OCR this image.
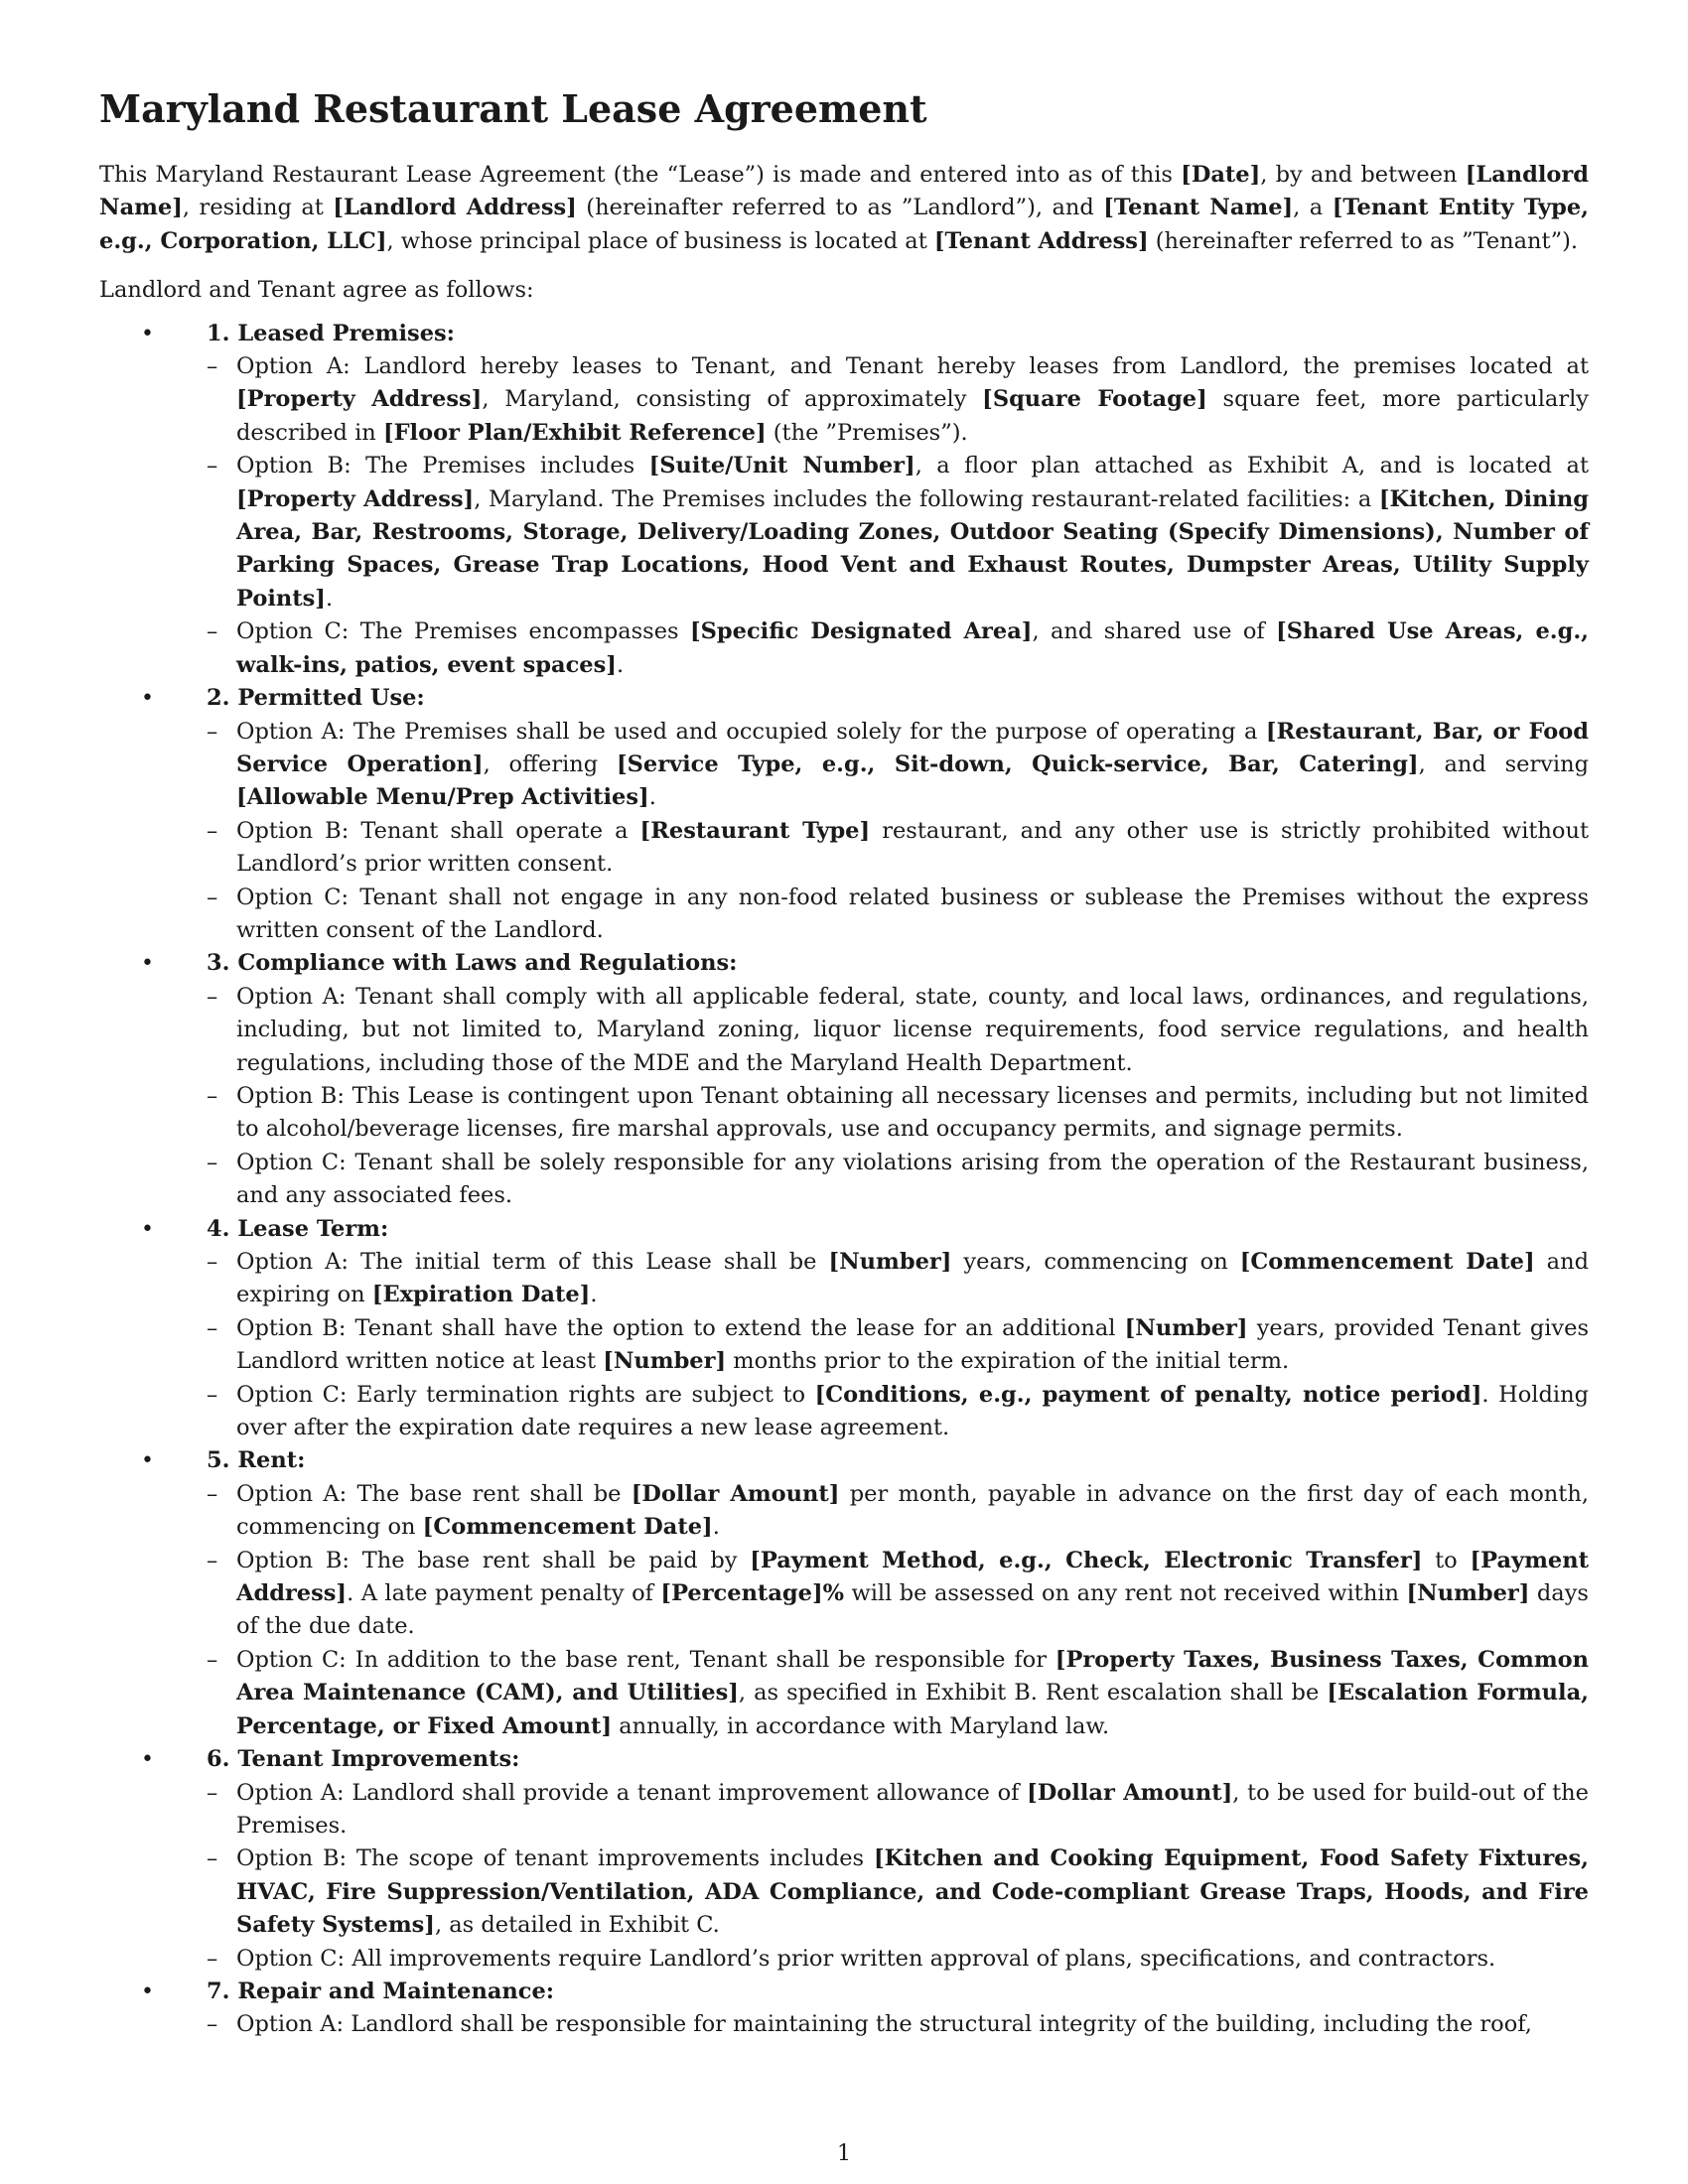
Maryland Restaurant Lease Agreement

This Maryland Restaurant Lease Agreement (the “Lease”) is made and entered into as of this [Date], by and between [Landlord Name], residing at [Landlord Address] (hereinafter referred to as ”Landlord”), and [Tenant Name], a [Tenant Entity Type, e.g., Corporation, LLC], whose principal place of business is located at [Tenant Address] (hereinafter referred to as ”Tenant”).

Landlord and Tenant agree as follows:

• 1. Leased Premises:
– Option A: Landlord hereby leases to Tenant, and Tenant hereby leases from Landlord, the premises located at [Property Address], Maryland, consisting of approximately [Square Footage] square feet, more particularly described in [Floor Plan/Exhibit Reference] (the ”Premises”).
– Option B: The Premises includes [Suite/Unit Number], a floor plan attached as Exhibit A, and is located at [Property Address], Maryland. The Premises includes the following restaurant-related facilities: a [Kitchen, Dining Area, Bar, Restrooms, Storage, Delivery/Loading Zones, Outdoor Seating (Specify Dimensions), Number of Parking Spaces, Grease Trap Locations, Hood Vent and Exhaust Routes, Dumpster Areas, Utility Supply Points].
– Option C: The Premises encompasses [Specific Designated Area], and shared use of [Shared Use Areas, e.g., walk-ins, patios, event spaces].
• 2. Permitted Use:
– Option A: The Premises shall be used and occupied solely for the purpose of operating a [Restaurant, Bar, or Food Service Operation], offering [Service Type, e.g., Sit-down, Quick-service, Bar, Catering], and serving [Allowable Menu/Prep Activities].
– Option B: Tenant shall operate a [Restaurant Type] restaurant, and any other use is strictly prohibited without Landlord’s prior written consent.
– Option C: Tenant shall not engage in any non-food related business or sublease the Premises without the express written consent of the Landlord.
• 3. Compliance with Laws and Regulations:
– Option A: Tenant shall comply with all applicable federal, state, county, and local laws, ordinances, and regulations, including, but not limited to, Maryland zoning, liquor license requirements, food service regulations, and health regulations, including those of the MDE and the Maryland Health Department.
– Option B: This Lease is contingent upon Tenant obtaining all necessary licenses and permits, including but not limited to alcohol/beverage licenses, fire marshal approvals, use and occupancy permits, and signage permits.
– Option C: Tenant shall be solely responsible for any violations arising from the operation of the Restaurant business, and any associated fees.
• 4. Lease Term:
– Option A: The initial term of this Lease shall be [Number] years, commencing on [Commencement Date] and expiring on [Expiration Date].
– Option B: Tenant shall have the option to extend the lease for an additional [Number] years, provided Tenant gives Landlord written notice at least [Number] months prior to the expiration of the initial term.
– Option C: Early termination rights are subject to [Conditions, e.g., payment of penalty, notice period]. Holding over after the expiration date requires a new lease agreement.
• 5. Rent:
– Option A: The base rent shall be [Dollar Amount] per month, payable in advance on the first day of each month, commencing on [Commencement Date].
– Option B: The base rent shall be paid by [Payment Method, e.g., Check, Electronic Transfer] to [Payment Address]. A late payment penalty of [Percentage]% will be assessed on any rent not received within [Number] days of the due date.
– Option C: In addition to the base rent, Tenant shall be responsible for [Property Taxes, Business Taxes, Common Area Maintenance (CAM), and Utilities], as specified in Exhibit B. Rent escalation shall be [Escalation Formula, Percentage, or Fixed Amount] annually, in accordance with Maryland law.
• 6. Tenant Improvements:
– Option A: Landlord shall provide a tenant improvement allowance of [Dollar Amount], to be used for build-out of the Premises.
– Option B: The scope of tenant improvements includes [Kitchen and Cooking Equipment, Food Safety Fixtures, HVAC, Fire Suppression/Ventilation, ADA Compliance, and Code-compliant Grease Traps, Hoods, and Fire Safety Systems], as detailed in Exhibit C.
– Option C: All improvements require Landlord’s prior written approval of plans, specifications, and contractors.
• 7. Repair and Maintenance:
– Option A: Landlord shall be responsible for maintaining the structural integrity of the building, including the roof,
1
